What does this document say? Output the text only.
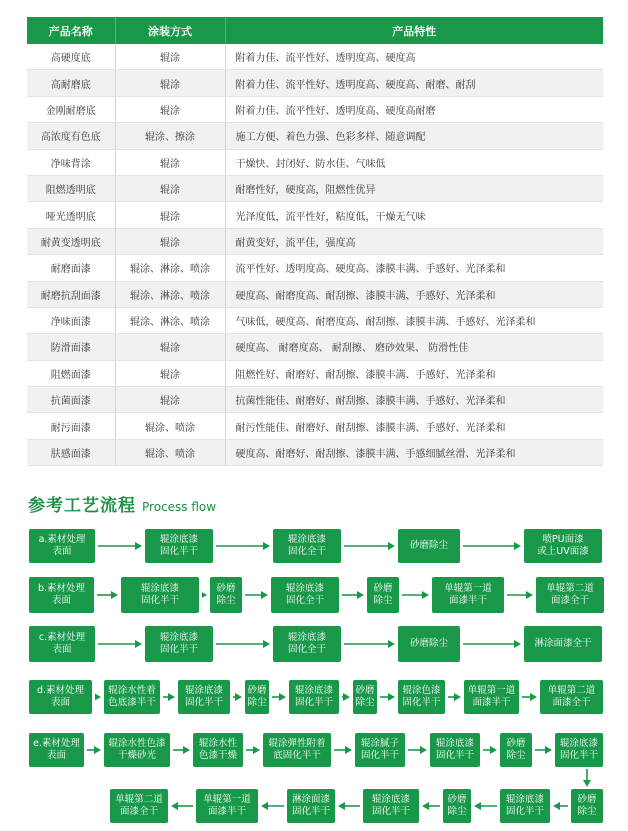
产品名称	涂装方式	产品特性
高硬度底	辊涂	附着力佳、流平性好、透明度高、硬度高
高耐磨底	辊涂	附着力佳、流平性好、透明度高、硬度高、耐磨、耐刮
金刚耐磨底	辊涂	附着力佳、流平性好、透明度高、硬度高耐磨
高浓度有色底	辊涂、擦涂	施工方便、着色力强、色彩多样、随意调配
净味背涂	辊涂	干燥快、封闭好、防水佳、气味低
阻燃透明底	辊涂	耐磨性好，硬度高，阻燃性优异
哑光透明底	辊涂	光泽度低，流平性好，粘度低，干燥无气味
耐黄变透明底	辊涂	耐黄变好，流平佳，强度高
耐磨面漆	辊涂、淋涂、喷涂	流平性好、透明度高、硬度高、漆膜丰满、手感好、光泽柔和
耐磨抗刮面漆	辊涂、淋涂、喷涂	硬度高、耐磨度高、耐刮擦、漆膜丰满、手感好、光泽柔和
净味面漆	辊涂、淋涂、喷涂	气味低，硬度高、耐磨度高、耐刮擦、漆膜丰满、手感好、光泽柔和
防滑面漆	辊涂	硬度高、 耐磨度高、 耐刮擦、 磨砂效果、 防滑性佳
阻燃面漆	辊涂	阻燃性好、耐磨好、耐刮擦、漆膜丰满、手感好、光泽柔和
抗菌面漆	辊涂	抗菌性能佳、耐磨好、耐刮擦、漆膜丰满、手感好、光泽柔和
耐污面漆	辊涂、喷涂	耐污性能佳、耐磨好、耐刮擦、漆膜丰满、手感好、光泽柔和
肤感面漆	辊涂、喷涂	硬度高、耐磨好、耐刮擦、漆膜丰满、手感细腻丝滑、光泽柔和
参考工艺流程 Process flow
a.素材处理
表面
辊涂底漆
固化半干
辊涂底漆
固化全干
砂磨除尘
喷PU面漆
或上UV面漆
b.素材处理
表面
辊涂底漆
固化半干
砂磨
除尘
辊涂底漆
固化全干
砂磨
除尘
单辊第一道
面漆半干
单辊第二道
面漆全干
c.素材处理
表面
辊涂底漆
固化半干
辊涂底漆
固化全干
砂磨除尘	淋涂面漆全干
d.素材处理
表面
辊涂水性着
色底漆半干
辊涂底漆
固化半干
砂磨
除尘
辊涂底漆
固化半干
砂磨
除尘
辊涂色漆
固化半干
单辊第一道
面漆半干
单辊第二道
面漆全干
e.素材处理
表面
辊涂水性色漆
干燥砂光
辊涂水性
色漆干燥
辊涂弹性附着
底固化半干
辊涂腻子
固化半干
辊涂底漆
固化半干
砂磨
除尘
辊涂底漆
固化半干
单辊第二道
面漆全干
单辊第一道
面漆半干
淋涂面漆
固化半干
辊涂底漆
固化半干
砂磨
除尘
辊涂底漆
固化半干
砂磨
除尘
